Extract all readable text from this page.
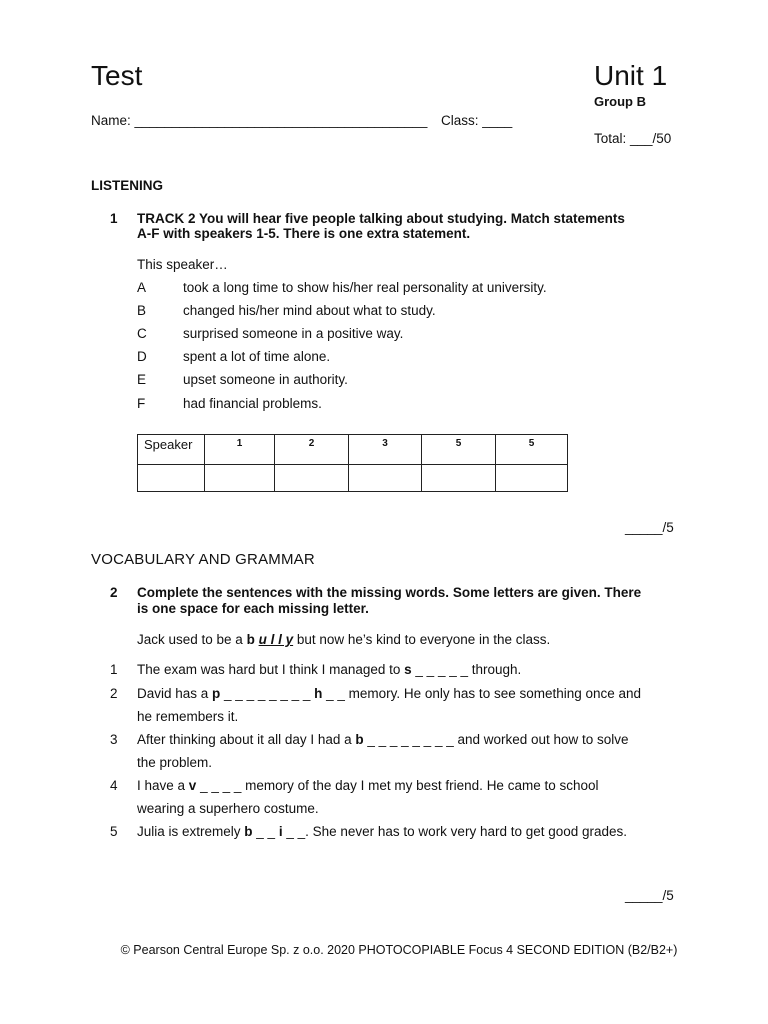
Test	Unit 1
Group B
Name: _______________________________________ Class: ____
Total: ___/50
LISTENING
1 TRACK 2 You will hear five people talking about studying. Match statements
A-F with speakers 1-5. There is one extra statement.
This speaker…
A	took a long time to show his/her real personality at university.
B	changed his/her mind about what to study.
C	surprised someone in a positive way.
D	spent a lot of time alone.
E	upset someone in authority.
F	had financial problems.
Speaker	1	2	3	5	5

_____/5
VOCABULARY AND GRAMMAR
2 Complete the sentences with the missing words. Some letters are given. There
is one space for each missing letter.
Jack used to be a b u l l y but now he’s kind to everyone in the class.
1 The exam was hard but I think I managed to s _ _ _ _ _ through.
2 David has a p _ _ _ _ _ _ _ _ h _ _ memory. He only has to see something once and
he remembers it.
3 After thinking about it all day I had a b _ _ _ _ _ _ _ _ and worked out how to solve
the problem.
4 I have a v _ _ _ _ memory of the day I met my best friend. He came to school
wearing a superhero costume.
5 Julia is extremely b _ _ i _ _. She never has to work very hard to get good grades.
_____/5
© Pearson Central Europe Sp. z o.o. 2020 PHOTOCOPIABLE Focus 4 SECOND EDITION (B2/B2+)
